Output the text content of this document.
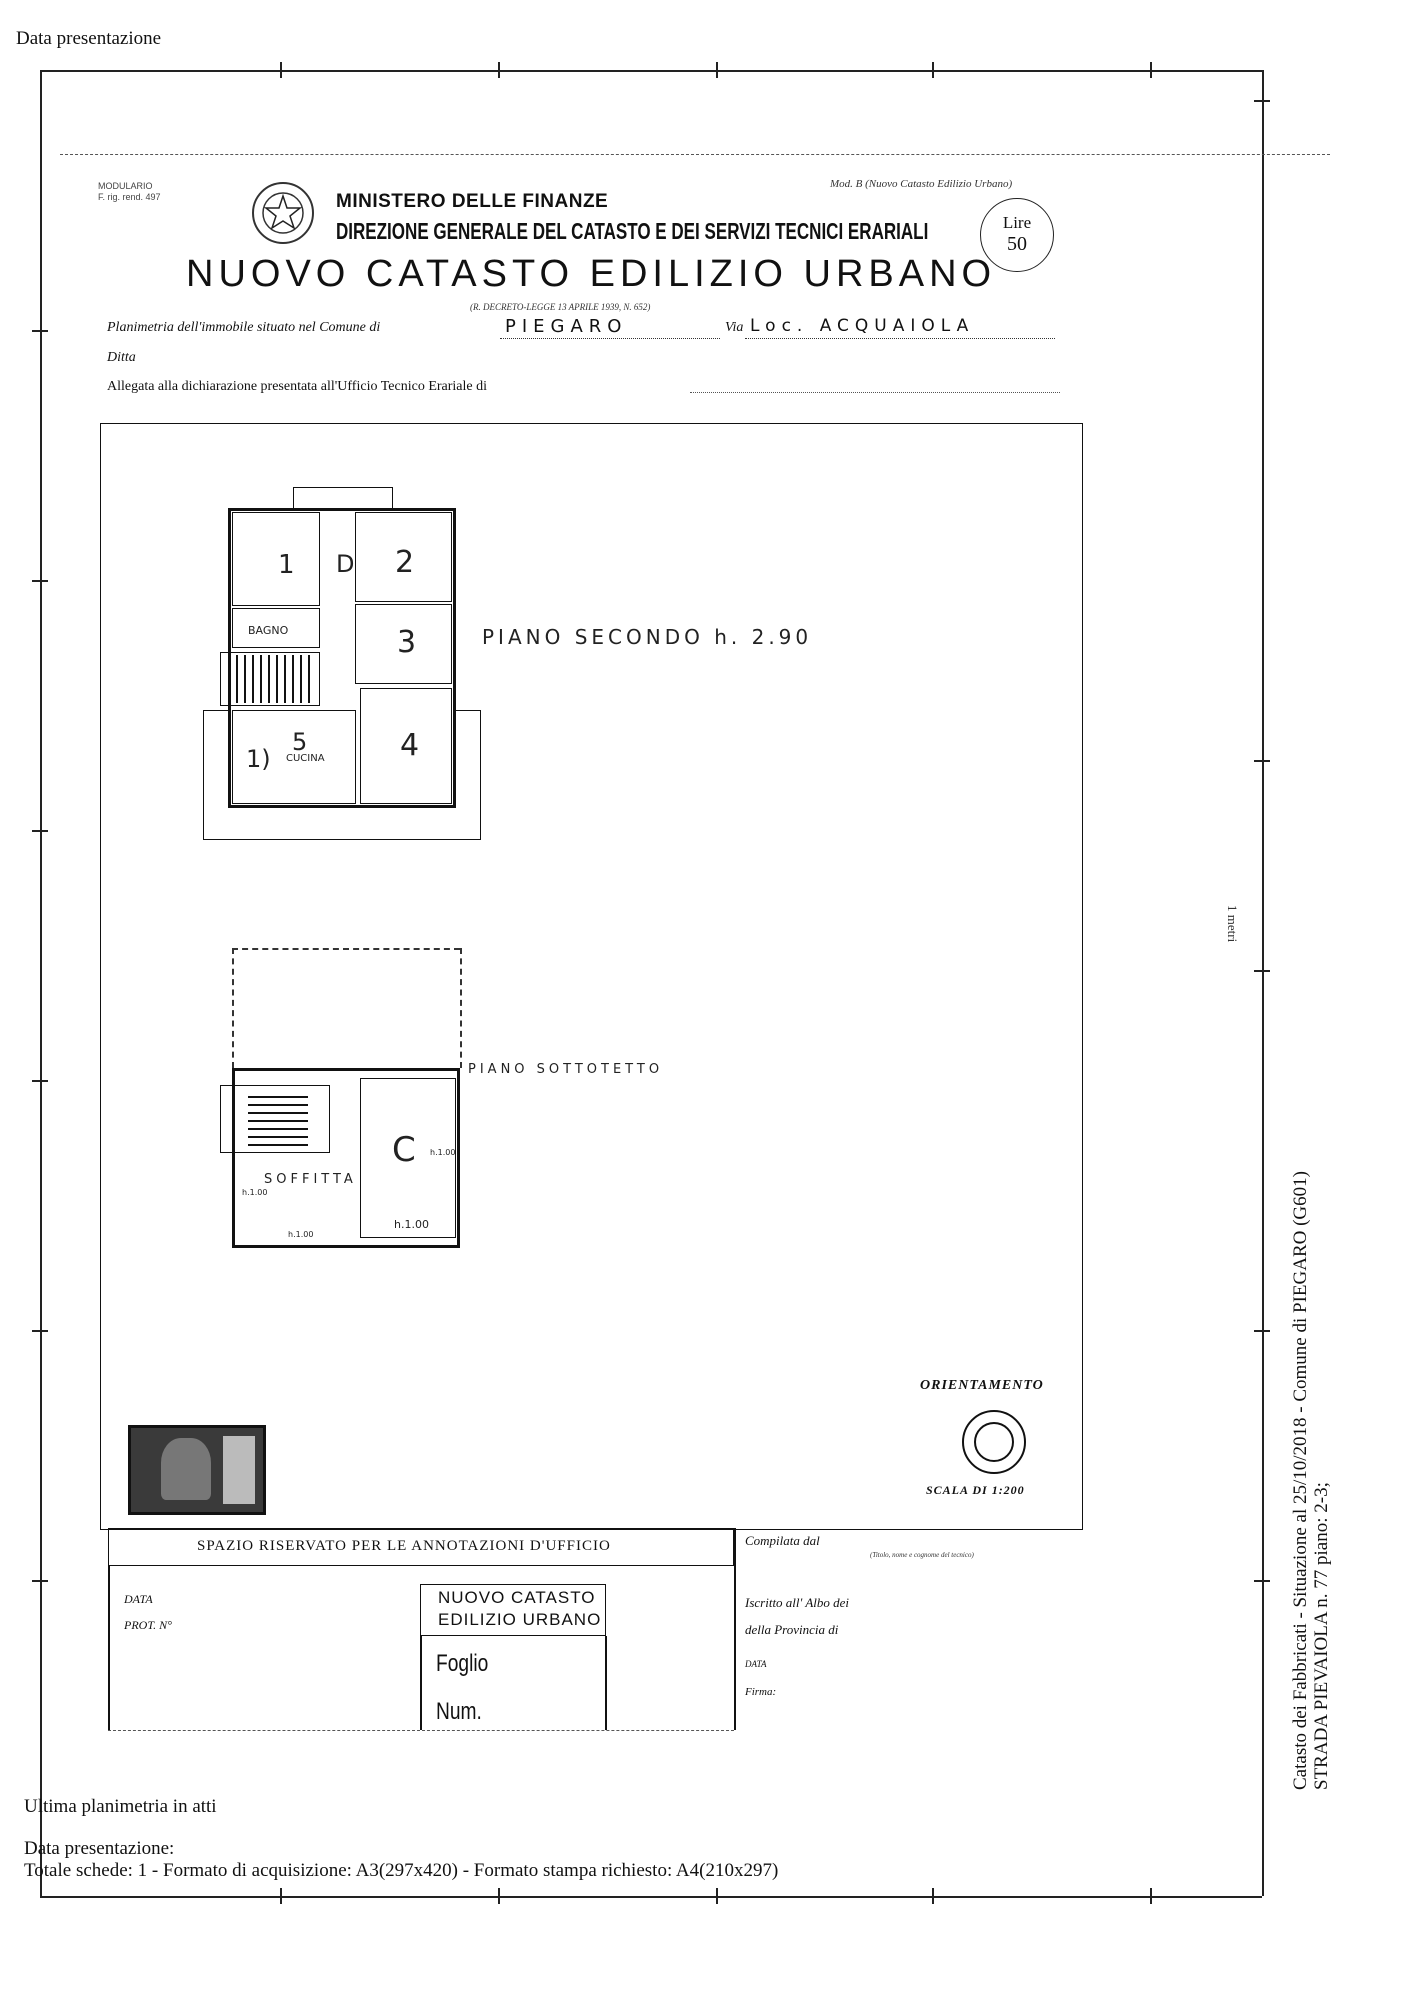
Data presentazione
MODULARIO
F. rig. rend. 497
Mod. B (Nuovo Catasto Edilizio Urbano)
MINISTERO DELLE FINANZE
DIREZIONE GENERALE DEL CATASTO E DEI SERVIZI TECNICI ERARIALI
NUOVO CATASTO EDILIZIO URBANO
(R. DECRETO-LEGGE 13 APRILE 1939, N. 652)
Lire
50
Planimetria dell'immobile situato nel Comune di	PIEGARO	Via Loc. ACQUAIOLA
Ditta
Allegata alla dichiarazione presentata all'Ufficio Tecnico Erariale di
1 D 2
BAGNO	3
1)
5
CUCINA	4
PIANO SECONDO h. 2.90
SOFFITTA
C h.1.00
h.1.00
h.1.00
h.1.00
PIANO SOTTOTETTO
ORIENTAMENTO
SCALA DI 1:200
SPAZIO RISERVATO PER LE ANNOTAZIONI D'UFFICIO
DATA
PROT. N°
NUOVO CATASTO
EDILIZIO URBANO
Foglio
Num.
Compilata dal
(Titolo, nome e cognome del tecnico)
Iscritto all' Albo dei
della Provincia di
DATA
Firma:	Catasto dei Fabbricati - Situazione al 25/10/2018 - Comune di PIEGARO (G601) STRADA PIEVAIOLA n. 77 piano: 2-3;
1 metri
Ultima planimetria in atti
Data presentazione:
Totale schede: 1 - Formato di acquisizione: A3(297x420) - Formato stampa richiesto: A4(210x297)
